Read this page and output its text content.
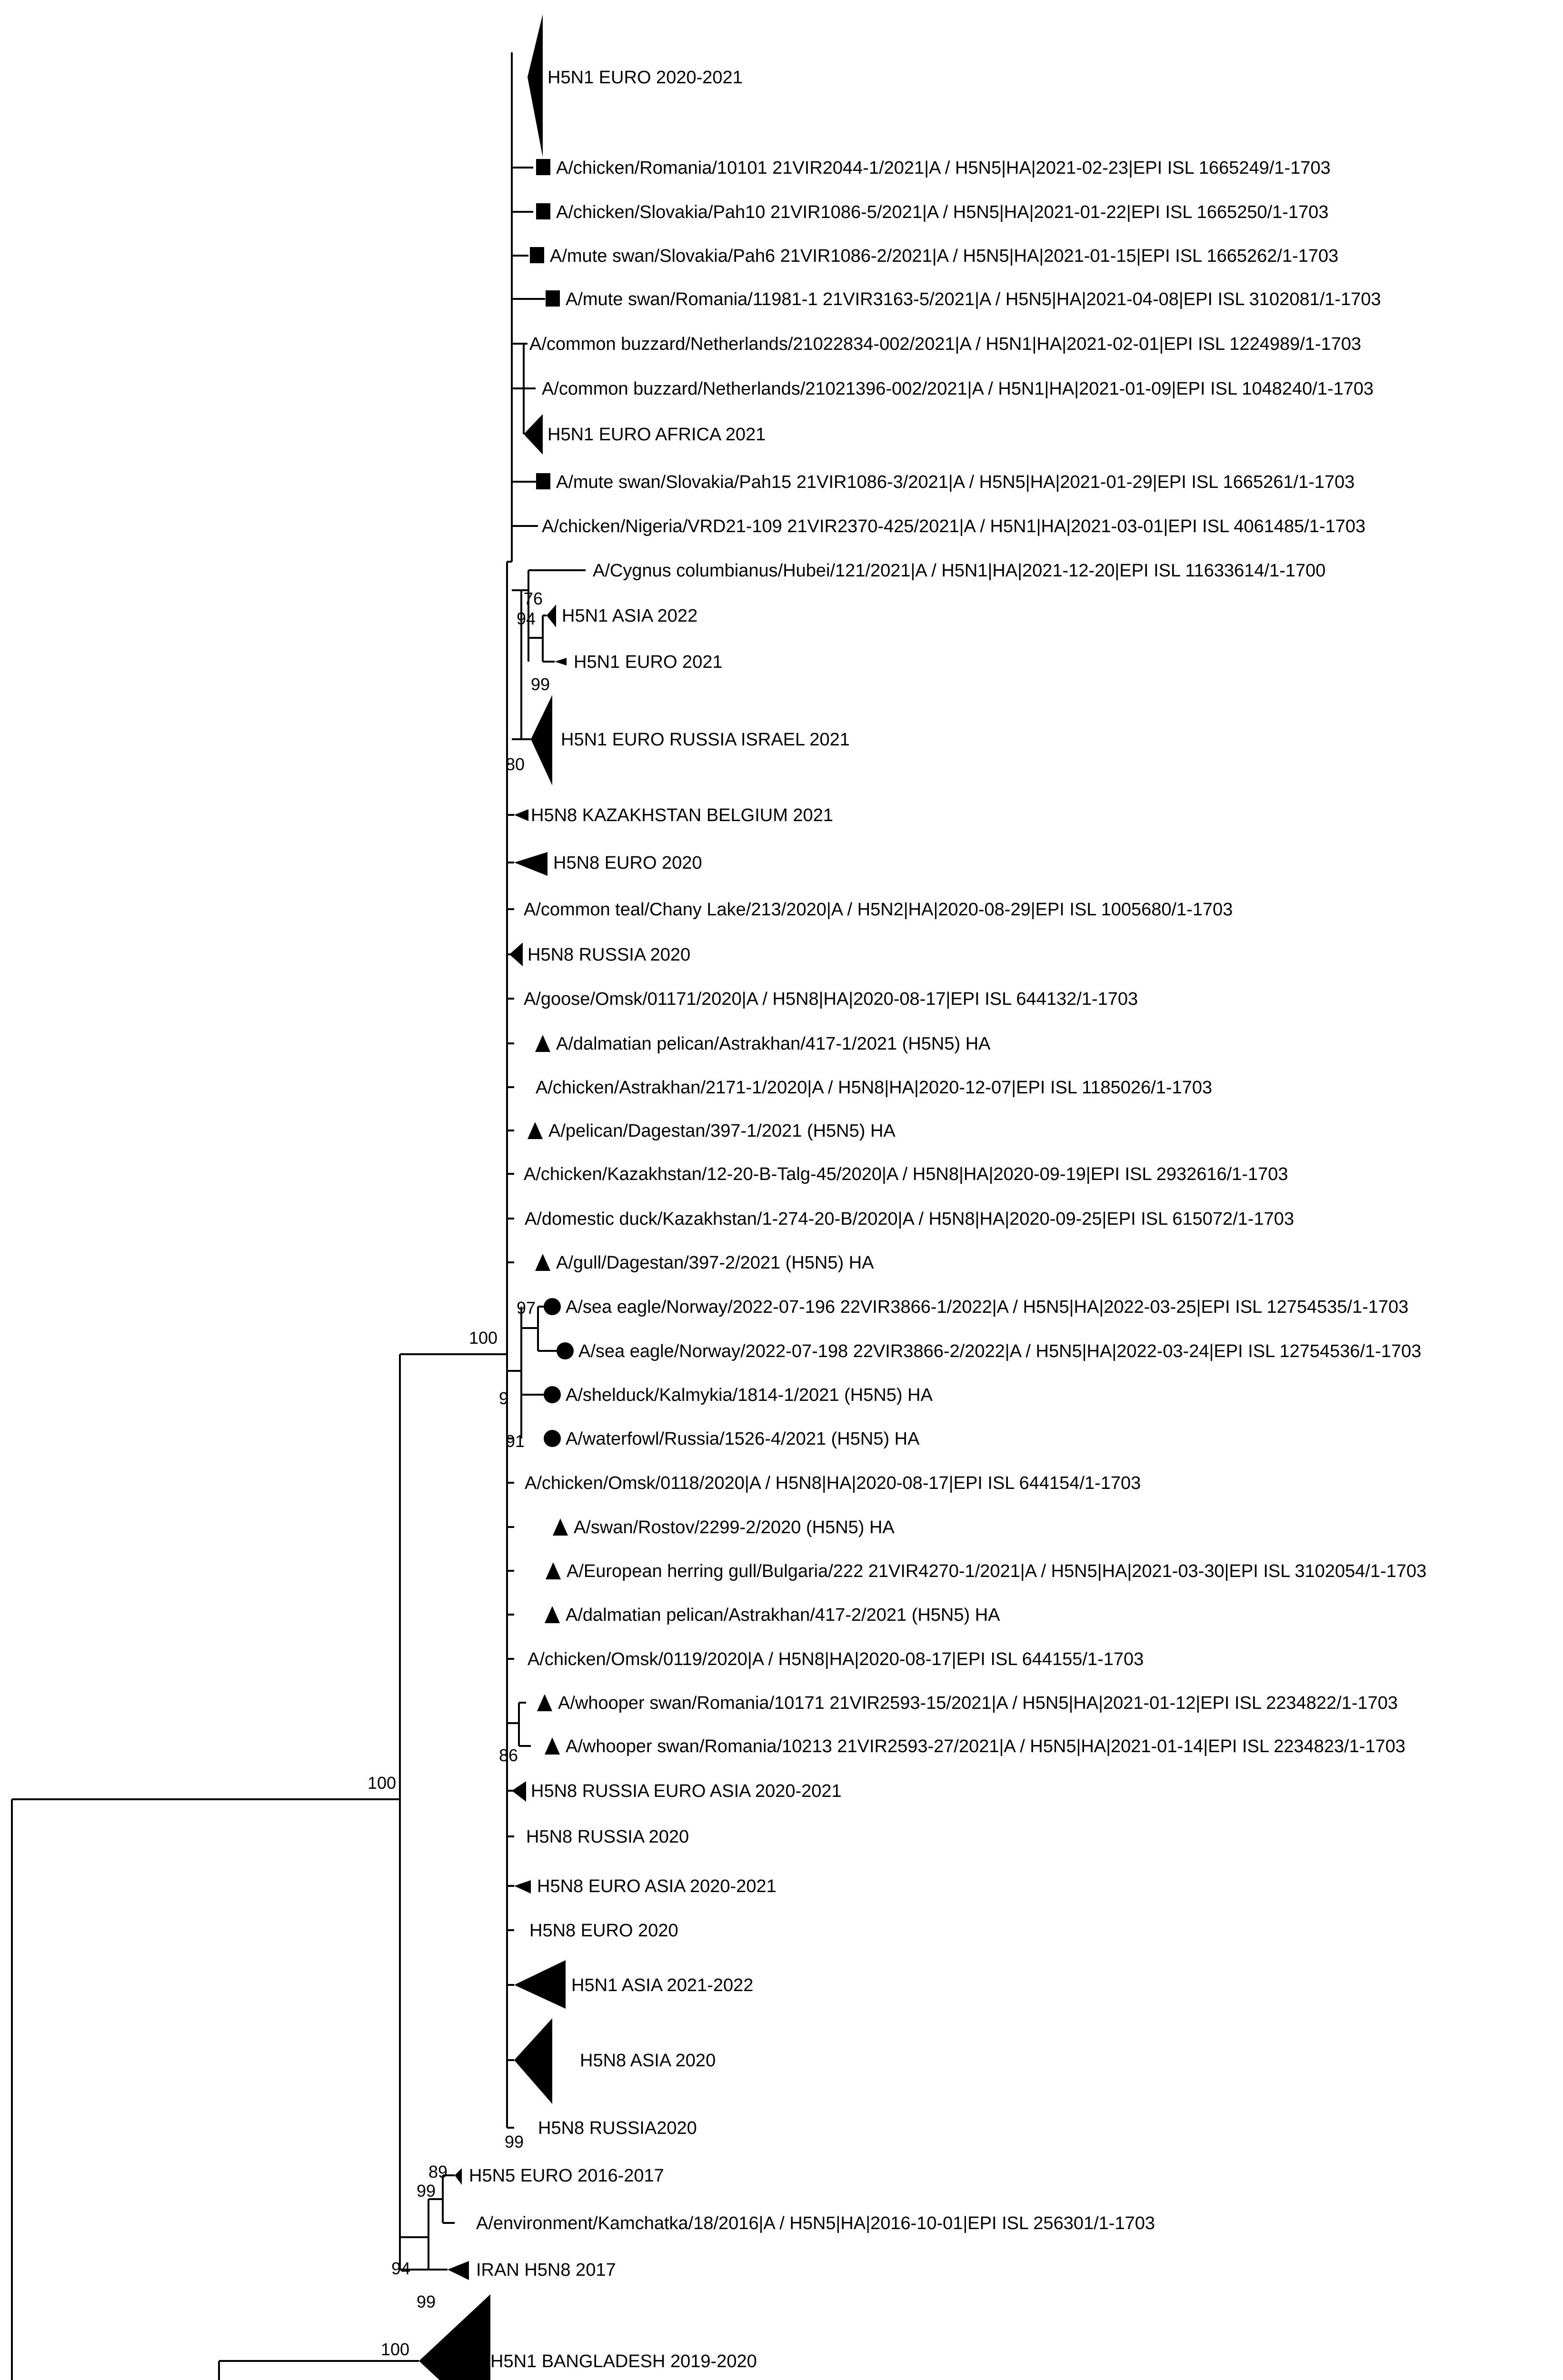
H5N1 EURO 2020-2021
A/chicken/Romania/10101 21VIR2044-1/2021|A / H5N5|HA|2021-02-23|EPI ISL 1665249/1-1703
A/chicken/Slovakia/Pah10 21VIR1086-5/2021|A / H5N5|HA|2021-01-22|EPI ISL 1665250/1-1703
A/mute swan/Slovakia/Pah6 21VIR1086-2/2021|A / H5N5|HA|2021-01-15|EPI ISL 1665262/1-1703
A/mute swan/Romania/11981-1 21VIR3163-5/2021|A / H5N5|HA|2021-04-08|EPI ISL 3102081/1-1703
A/common buzzard/Netherlands/21022834-002/2021|A / H5N1|HA|2021-02-01|EPI ISL 1224989/1-1703
A/common buzzard/Netherlands/21021396-002/2021|A / H5N1|HA|2021-01-09|EPI ISL 1048240/1-1703
H5N1 EURO AFRICA 2021
A/mute swan/Slovakia/Pah15 21VIR1086-3/2021|A / H5N5|HA|2021-01-29|EPI ISL 1665261/1-1703
A/chicken/Nigeria/VRD21-109 21VIR2370-425/2021|A / H5N1|HA|2021-03-01|EPI ISL 4061485/1-1703
A/Cygnus columbianus/Hubei/121/2021|A / H5N1|HA|2021-12-20|EPI ISL 11633614/1-1700
H5N1 ASIA 2022
H5N1 EURO 2021
H5N1 EURO RUSSIA ISRAEL 2021
H5N8 KAZAKHSTAN BELGIUM 2021
H5N8 EURO 2020
A/common teal/Chany Lake/213/2020|A / H5N2|HA|2020-08-29|EPI ISL 1005680/1-1703
H5N8 RUSSIA 2020
A/goose/Omsk/01171/2020|A / H5N8|HA|2020-08-17|EPI ISL 644132/1-1703
A/dalmatian pelican/Astrakhan/417-1/2021 (H5N5) HA
A/chicken/Astrakhan/2171-1/2020|A / H5N8|HA|2020-12-07|EPI ISL 1185026/1-1703
A/pelican/Dagestan/397-1/2021 (H5N5) HA
A/chicken/Kazakhstan/12-20-B-Talg-45/2020|A / H5N8|HA|2020-09-19|EPI ISL 2932616/1-1703
A/domestic duck/Kazakhstan/1-274-20-B/2020|A / H5N8|HA|2020-09-25|EPI ISL 615072/1-1703
A/gull/Dagestan/397-2/2021 (H5N5) HA
A/sea eagle/Norway/2022-07-196 22VIR3866-1/2022|A / H5N5|HA|2022-03-25|EPI ISL 12754535/1-1703
A/sea eagle/Norway/2022-07-198 22VIR3866-2/2022|A / H5N5|HA|2022-03-24|EPI ISL 12754536/1-1703
A/shelduck/Kalmykia/1814-1/2021 (H5N5) HA
A/waterfowl/Russia/1526-4/2021 (H5N5) HA
A/chicken/Omsk/0118/2020|A / H5N8|HA|2020-08-17|EPI ISL 644154/1-1703
A/swan/Rostov/2299-2/2020 (H5N5) HA
A/European herring gull/Bulgaria/222 21VIR4270-1/2021|A / H5N5|HA|2021-03-30|EPI ISL 3102054/1-1703
A/dalmatian pelican/Astrakhan/417-2/2021 (H5N5) HA
A/chicken/Omsk/0119/2020|A / H5N8|HA|2020-08-17|EPI ISL 644155/1-1703
A/whooper swan/Romania/10171 21VIR2593-15/2021|A / H5N5|HA|2021-01-12|EPI ISL 2234822/1-1703
A/whooper swan/Romania/10213 21VIR2593-27/2021|A / H5N5|HA|2021-01-14|EPI ISL 2234823/1-1703
H5N8 RUSSIA EURO ASIA 2020-2021
H5N8 RUSSIA 2020
H5N8 EURO ASIA 2020-2021
H5N8 EURO 2020
H5N1 ASIA 2021-2022
H5N8 ASIA 2020
H5N8 RUSSIA2020
H5N5 EURO 2016-2017
A/environment/Kamchatka/18/2016|A / H5N5|HA|2016-10-01|EPI ISL 256301/1-1703
IRAN H5N8 2017
H5N1 BANGLADESH 2019-2020
76
94
99
80
100
97
9
91
86
99
100
89
99
94
99
100
